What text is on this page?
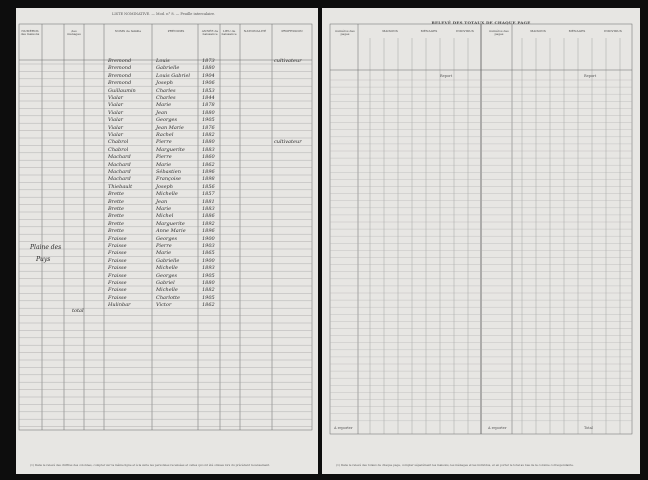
LISTE NOMINATIVE. — Mod. n° 8. — Feuille intercalaire.
NUMÉROS des maisons
des ménages
NOMS de famille	PRÉNOMS	ANNÉE de naissance
LIEU de naissance
NATIONALITÉ	PROFESSION
Bremond	Louis	1873	cultivateur
Bremond	Gabrielle	1880
Bremond	Louis Gabriel 1904
Bremond	Joseph	1906
Guillaumin	Charles	1853
Vialar	Charles	1844
Vialar	Marie	1878
Vialar	Jean	1880
Vialar	Georges	1905
Vialar	Jean Marie	1876
Vialar	Rachel	1882
Chabrol	Pierre	1880	cultivateur
Chabrol	Marguerite	1883
Machard	Pierre	1860
Machard	Marie	1862
Machard	Sébastien	1896
Machard	Françoise	1898
Thiebault	Joseph	1856
Brette	Michelle	1857
Brette	Jean	1881
Brette	Marie	1883
Brette	Michel	1886
Brette	Marguerite	1892
Brette	Anne Marie	1896
Fraisse	Georges	1900
Fraisse	Pierre	1903
Fraisse	Marie	1865
Fraisse	Gabrielle	1900
Fraisse	Michelle	1893
Fraisse	Georges	1905
Fraisse	Gabriel	1880
Fraisse	Michelle	1882
Fraisse	Charlotte	1905
Hulinbar	Victor	1862
Plaine des
Puys
total
(1) Dans le relevé des chiffres des colonnes, compter sur la même ligne et à la suite les personnes recensées et celles qui ont été omises lors du précédent recensement.
RELEVÉ DES TOTAUX DE CHAQUE PAGE
numéros des pages
MAISONS	MÉNAGES	INDIVIDUS	numéros des pages
MAISONS	MÉNAGES	INDIVIDUS
Report	Report
A reporter	A reporter	Total
(1) Dans le relevé des totaux de chaque page, compter séparément les maisons, les ménages et les individus, et en porter le total au bas de la colonne correspondante.
